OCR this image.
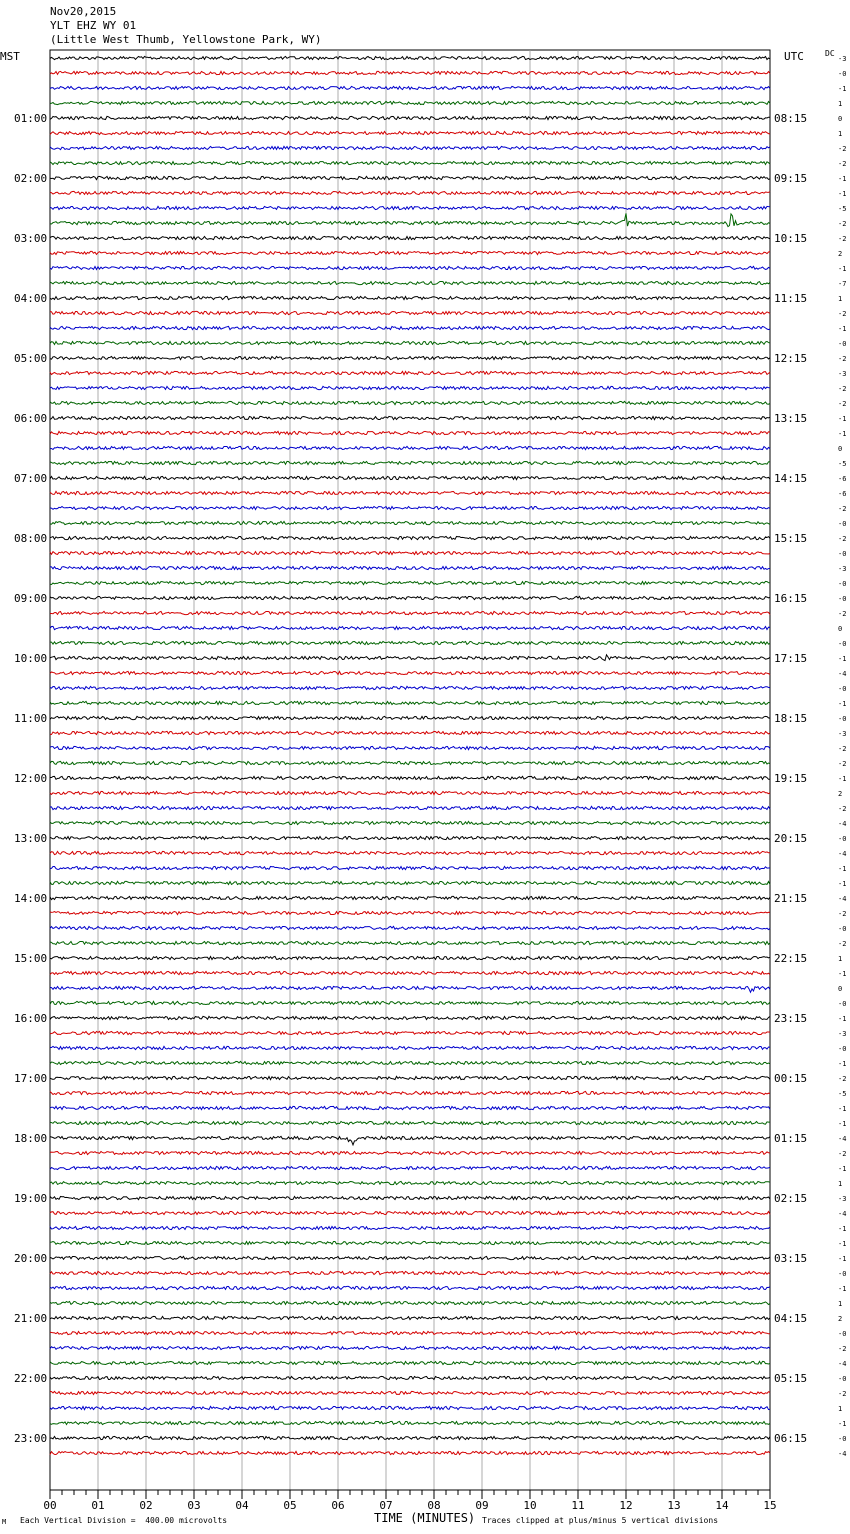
Nov20,2015
YLT EHZ WY 01
(Little West Thumb, Yellowstone Park, WY)
MST	UTC	DC
-3
-0
-1
1
0
1
-2
-2
-1
-1
-5
-2
-2
2
-1
-7
1
-2
-1
-0
-2
-3
-2
-2
-1
-1
0
-5
-6
-6
-2
-0
-2
-0
-3
-0
-0
-2
0
-0
-1
-4
-0
-1
-0
-3
-2
-2
-1
2
-2
-4
-0
-4
-1
-1
-4
-2
-0
-2
1
-1
0
-0
-1
-3
-0
-1
-2
-5
-1
-1
-4
-2
-1
1
-3
-4
-1
-1
-1
-0
-1
1
2
-0
-2
-4
-0
-2
1
-1
-0
-4
01:00
02:00
03:00
04:00
05:00
06:00
07:00
08:00
09:00
10:00
11:00
12:00
13:00
14:00
15:00
16:00
17:00
18:00
19:00
20:00
21:00
22:00
23:00
08:15
09:15
10:15
11:15
12:15
13:15
14:15
15:15
16:15
17:15
18:15
19:15
20:15
21:15
22:15
23:15
00:15
01:15
02:15
03:15
04:15
05:15
06:15
00	01	02	03	04	05	06	07	08	09	10	11	12	13	14	15
TIME (MINUTES)
Each Vertical Division =  400.00 microvolts	Traces clipped at plus/minus 5 vertical divisions
M
